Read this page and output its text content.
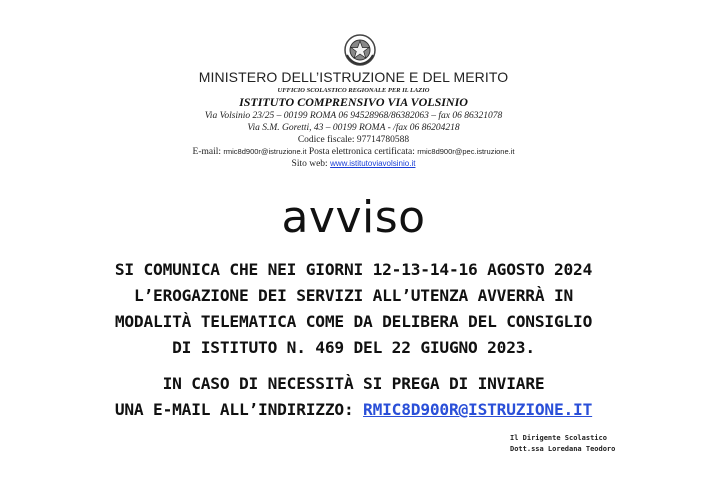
MINISTERO DELL’ISTRUZIONE E DEL MERITO
UFFICIO SCOLASTICO REGIONALE PER IL LAZIO
ISTITUTO COMPRENSIVO VIA VOLSINIO
Via Volsinio 23/25 – 00199 ROMA 06 94528968/86382063 – fax 06 86321078
Via S.M. Goretti, 43 – 00199 ROMA - /fax 06 86204218
Codice fiscale: 97714780588
E-mail: rmic8d900r@istruzione.it Posta elettronica certificata: rmic8d900r@pec.istruzione.it
Sito web: www.istitutoviavolsinio.it
avviso
SI COMUNICA CHE NEI GIORNI 12-13-14-16 AGOSTO 2024
L’EROGAZIONE DEI SERVIZI ALL’UTENZA AVVERRÀ IN
MODALITÀ TELEMATICA COME DA DELIBERA DEL CONSIGLIO
DI ISTITUTO N. 469 DEL 22 GIUGNO 2023.
IN CASO DI NECESSITÀ SI PREGA DI INVIARE
UNA E-MAIL ALL’INDIRIZZO: RMIC8D900R@ISTRUZIONE.IT
Il Dirigente Scolastico
Dott.ssa Loredana Teodoro
